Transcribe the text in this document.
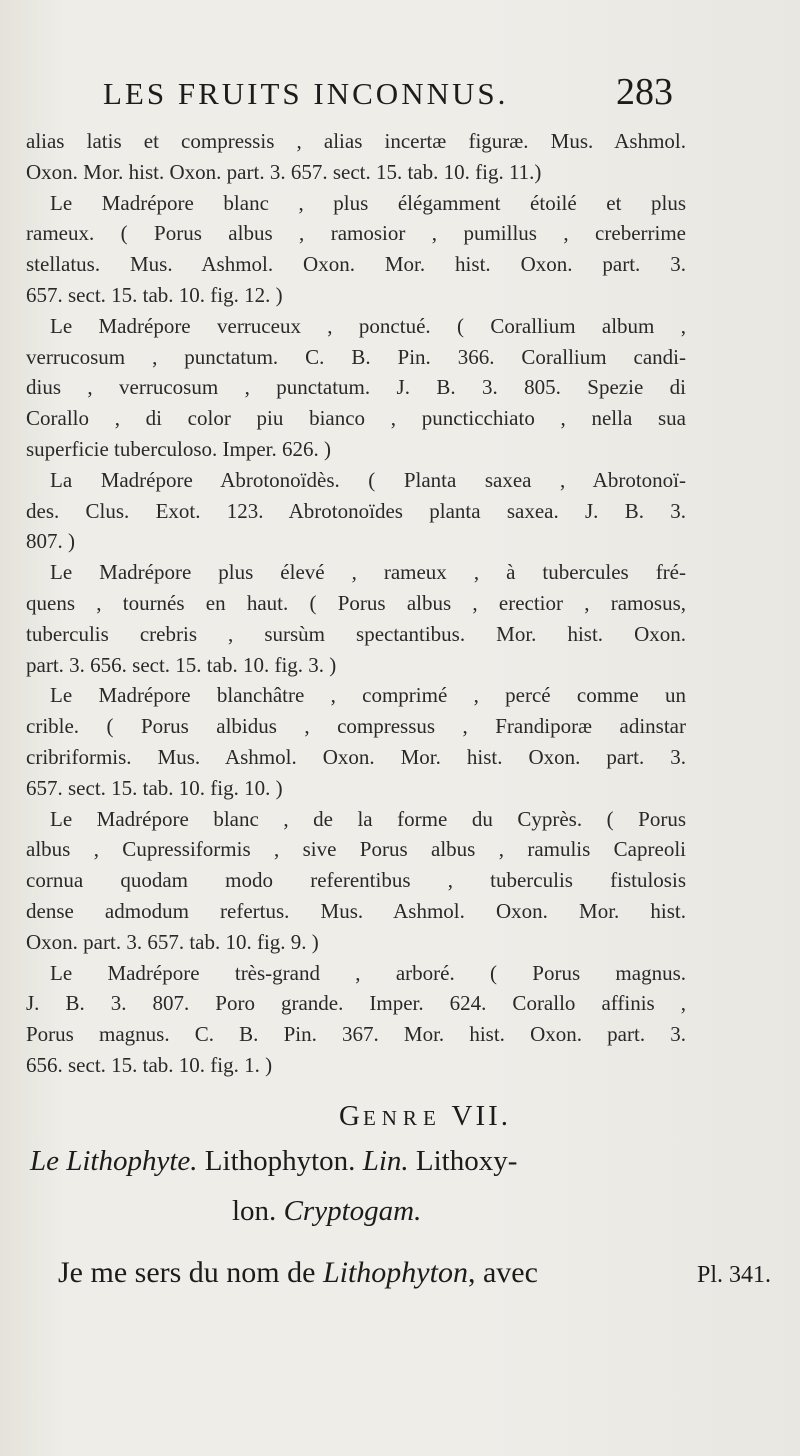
LES FRUITS INCONNUS.	283
alias latis et compressis , alias incertæ figuræ. Mus. Ashmol.
Oxon. Mor. hist. Oxon. part. 3. 657. sect. 15. tab. 10. fig. 11.)
Le Madrépore blanc , plus élégamment étoilé et plus
rameux. ( Porus albus , ramosior , pumillus , creberrime
stellatus. Mus. Ashmol. Oxon. Mor. hist. Oxon. part. 3.
657. sect. 15. tab. 10. fig. 12. )
Le Madrépore verruceux , ponctué. ( Corallium album ,
verrucosum , punctatum. C. B. Pin. 366. Corallium candi-
dius , verrucosum , punctatum. J. B. 3. 805. Spezie di
Corallo , di color piu bianco , puncticchiato , nella sua
superficie tuberculoso. Imper. 626. )
La Madrépore Abrotonoïdès. ( Planta saxea , Abrotonoï-
des. Clus. Exot. 123. Abrotonoïdes planta saxea. J. B. 3.
807. )
Le Madrépore plus élevé , rameux , à tubercules fré-
quens , tournés en haut. ( Porus albus , erectior , ramosus,
tuberculis crebris , sursùm spectantibus. Mor. hist. Oxon.
part. 3. 656. sect. 15. tab. 10. fig. 3. )
Le Madrépore blanchâtre , comprimé , percé comme un
crible. ( Porus albidus , compressus , Frandiporæ adinstar
cribriformis. Mus. Ashmol. Oxon. Mor. hist. Oxon. part. 3.
657. sect. 15. tab. 10. fig. 10. )
Le Madrépore blanc , de la forme du Cyprès. ( Porus
albus , Cupressiformis , sive Porus albus , ramulis Capreoli
cornua quodam modo referentibus , tuberculis fistulosis
dense admodum refertus. Mus. Ashmol. Oxon. Mor. hist.
Oxon. part. 3. 657. tab. 10. fig. 9. )
Le Madrépore très-grand , arboré. ( Porus magnus.
J. B. 3. 807. Poro grande. Imper. 624. Corallo affinis ,
Porus magnus. C. B. Pin. 367. Mor. hist. Oxon. part. 3.
656. sect. 15. tab. 10. fig. 1. )
GENRE VII.
Le Lithophyte. Lithophyton. Lin. Lithoxy-
lon. Cryptogam.
Je me sers du nom de Lithophyton, avec	Pl. 341.
